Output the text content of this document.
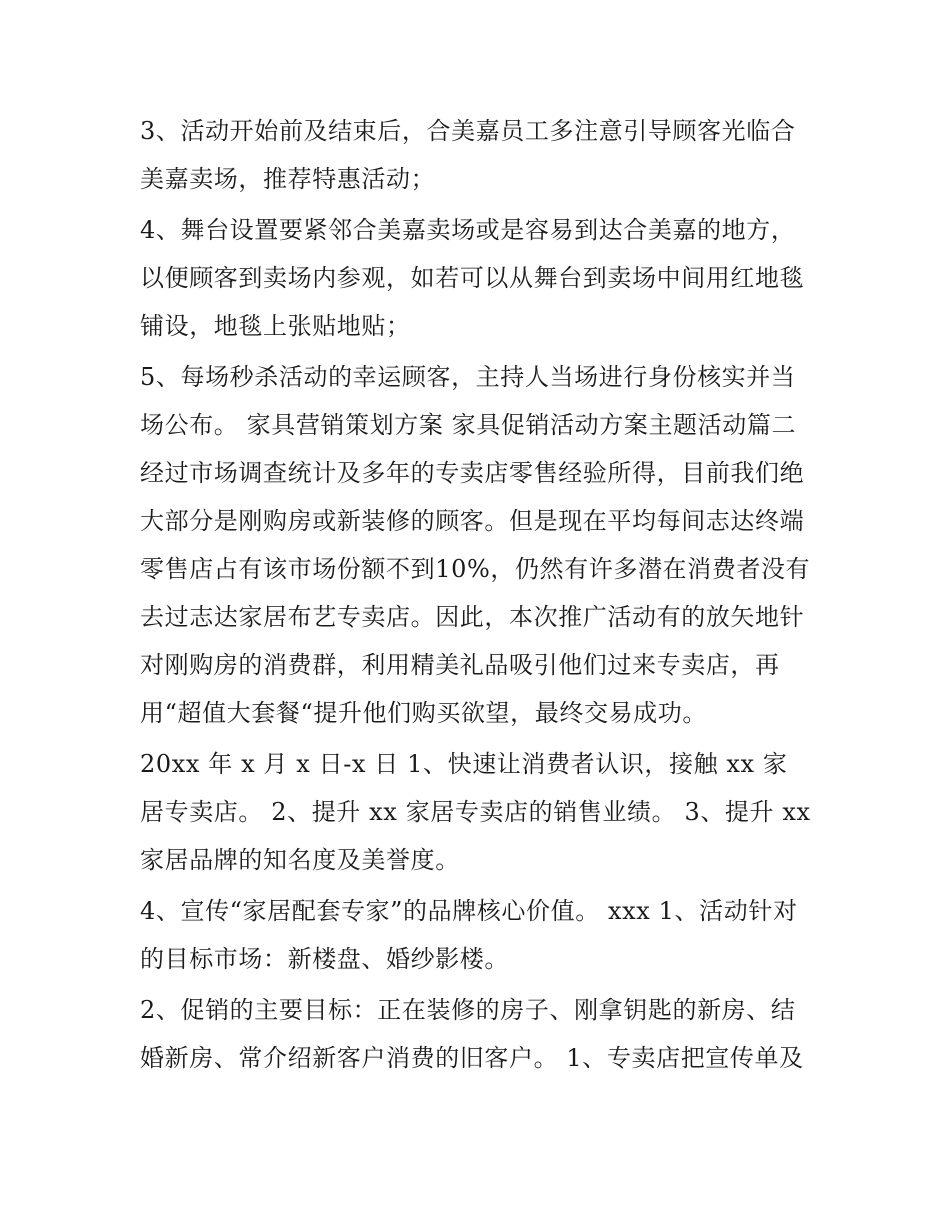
3、活动开始前及结束后，合美嘉员工多注意引导顾客光临合美嘉卖场，推荐特惠活动；

4、舞台设置要紧邻合美嘉卖场或是容易到达合美嘉的地方，以便顾客到卖场内参观，如若可以从舞台到卖场中间用红地毯铺设，地毯上张贴地贴；

5、每场秒杀活动的幸运顾客，主持人当场进行身份核实并当场公布。 家具营销策划方案 家具促销活动方案主题活动篇二 经过市场调查统计及多年的专卖店零售经验所得，目前我们绝大部分是刚购房或新装修的顾客。但是现在平均每间志达终端零售店占有该市场份额不到10%，仍然有许多潜在消费者没有去过志达家居布艺专卖店。因此，本次推广活动有的放矢地针对刚购房的消费群，利用精美礼品吸引他们过来专卖店，再用“超值大套餐“提升他们购买欲望，最终交易成功。

20xx 年 x 月 x 日-x 日 1、快速让消费者认识，接触 xx 家居专卖店。 2、提升 xx 家居专卖店的销售业绩。 3、提升 xx 家居品牌的知名度及美誉度。

4、宣传“家居配套专家”的品牌核心价值。 xxx 1、活动针对的目标市场：新楼盘、婚纱影楼。

2、促销的主要目标：正在装修的房子、刚拿钥匙的新房、结婚新房、常介绍新客户消费的旧客户。 1、专卖店把宣传单及
